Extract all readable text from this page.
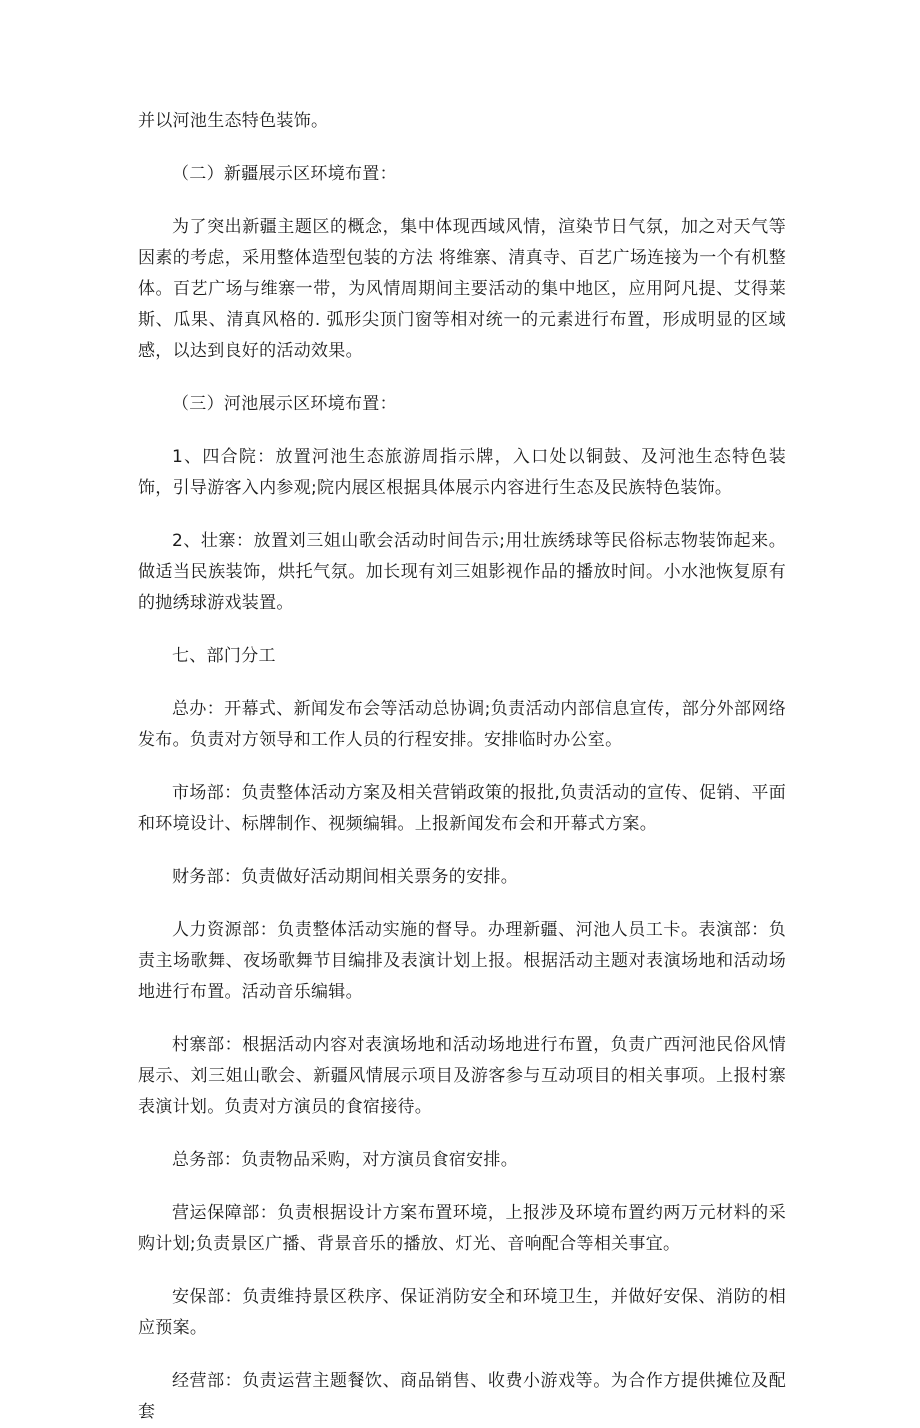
并以河池生态特色装饰。

（二）新疆展示区环境布置：

为了突出新疆主题区的概念，集中体现西域风情，渲染节日气氛，加之对天气等因素的考虑，采用整体造型包装的方法 将维寨、清真寺、百艺广场连接为一个有机整体。百艺广场与维寨一带，为风情周期间主要活动的集中地区，应用阿凡提、艾得莱斯、瓜果、清真风格的. 弧形尖顶门窗等相对统一的元素进行布置，形成明显的区域感，以达到良好的活动效果。

（三）河池展示区环境布置：

1、四合院：放置河池生态旅游周指示牌，入口处以铜鼓、及河池生态特色装饰，引导游客入内参观;院内展区根据具体展示内容进行生态及民族特色装饰。

2、壮寨：放置刘三姐山歌会活动时间告示;用壮族绣球等民俗标志物装饰起来。做适当民族装饰，烘托气氛。加长现有刘三姐影视作品的播放时间。小水池恢复原有的抛绣球游戏装置。

七、部门分工

总办：开幕式、新闻发布会等活动总协调;负责活动内部信息宣传，部分外部网络发布。负责对方领导和工作人员的行程安排。安排临时办公室。

市场部：负责整体活动方案及相关营销政策的报批,负责活动的宣传、促销、平面和环境设计、标牌制作、视频编辑。上报新闻发布会和开幕式方案。

财务部：负责做好活动期间相关票务的安排。

人力资源部：负责整体活动实施的督导。办理新疆、河池人员工卡。表演部：负责主场歌舞、夜场歌舞节目编排及表演计划上报。根据活动主题对表演场地和活动场地进行布置。活动音乐编辑。

村寨部：根据活动内容对表演场地和活动场地进行布置，负责广西河池民俗风情展示、刘三姐山歌会、新疆风情展示项目及游客参与互动项目的相关事项。上报村寨表演计划。负责对方演员的食宿接待。

总务部：负责物品采购，对方演员食宿安排。

营运保障部：负责根据设计方案布置环境，上报涉及环境布置约两万元材料的采购计划;负责景区广播、背景音乐的播放、灯光、音响配合等相关事宜。

安保部：负责维持景区秩序、保证消防安全和环境卫生，并做好安保、消防的相应预案。

经营部：负责运营主题餐饮、商品销售、收费小游戏等。为合作方提供摊位及配套
